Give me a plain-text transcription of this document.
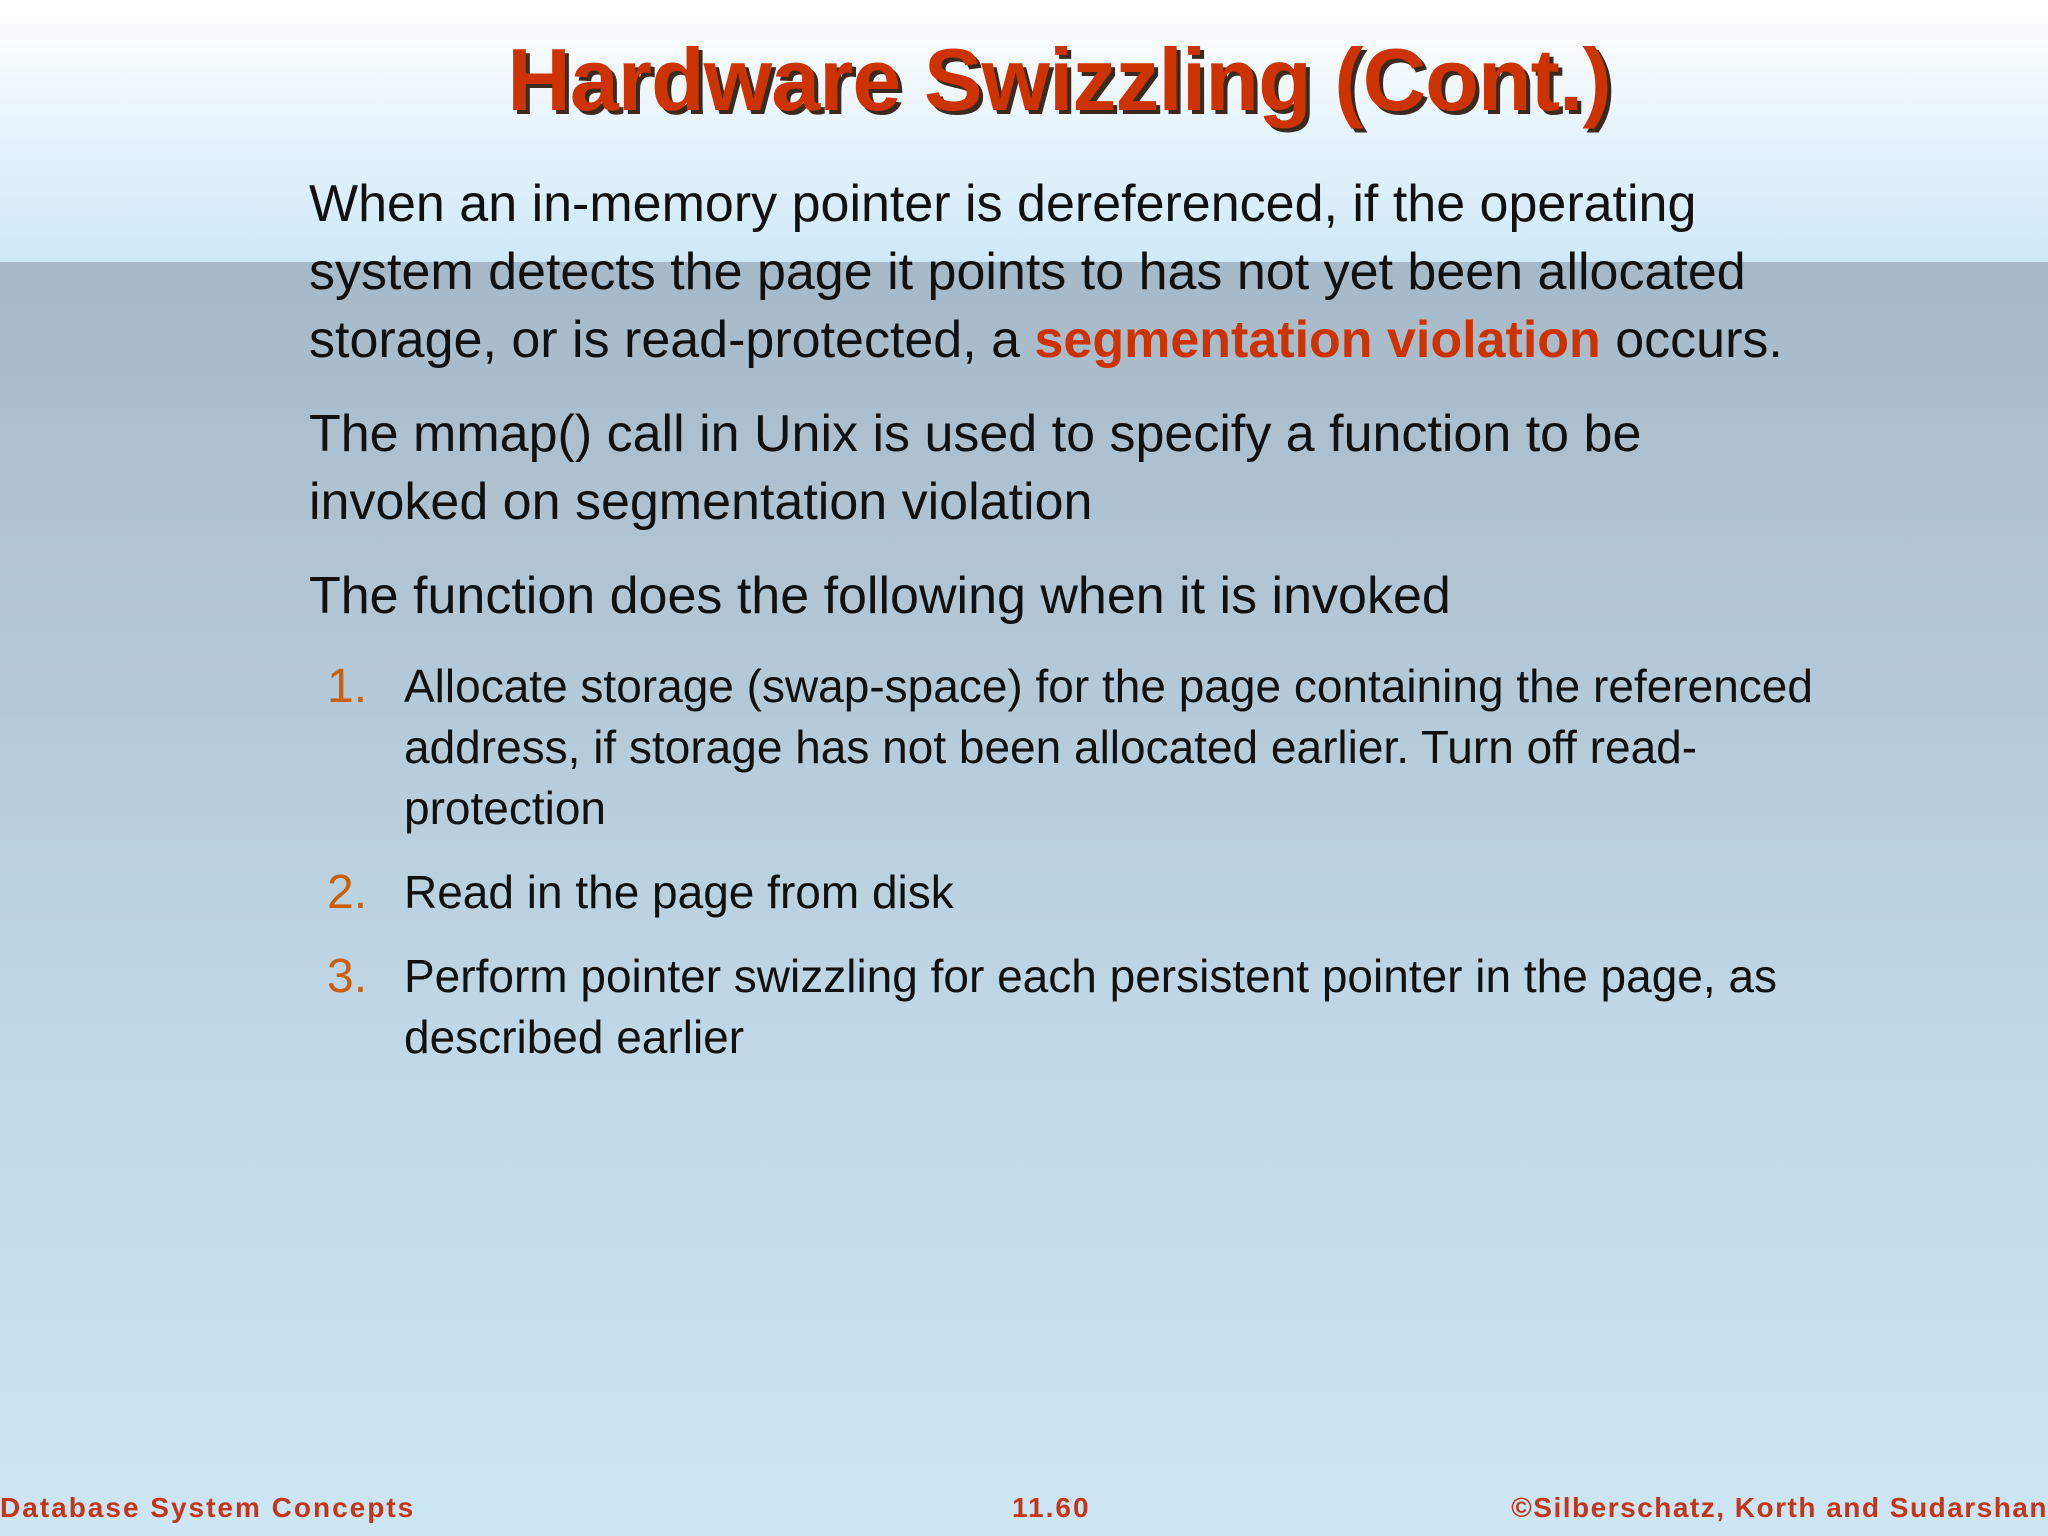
Hardware Swizzling (Cont.)

When an in-memory pointer is dereferenced, if the operating system detects the page it points to has not yet been allocated storage, or is read-protected, a segmentation violation occurs.

The mmap() call in Unix is used to specify a function to be invoked on segmentation violation

The function does the following when it is invoked

1. Allocate storage (swap-space) for the page containing the referenced address, if storage has not been allocated earlier. Turn off read-protection
2. Read in the page from disk
3. Perform pointer swizzling for each persistent pointer in the page, as described earlier
Database System Concepts	11.60	©Silberschatz, Korth and Sudarshan
